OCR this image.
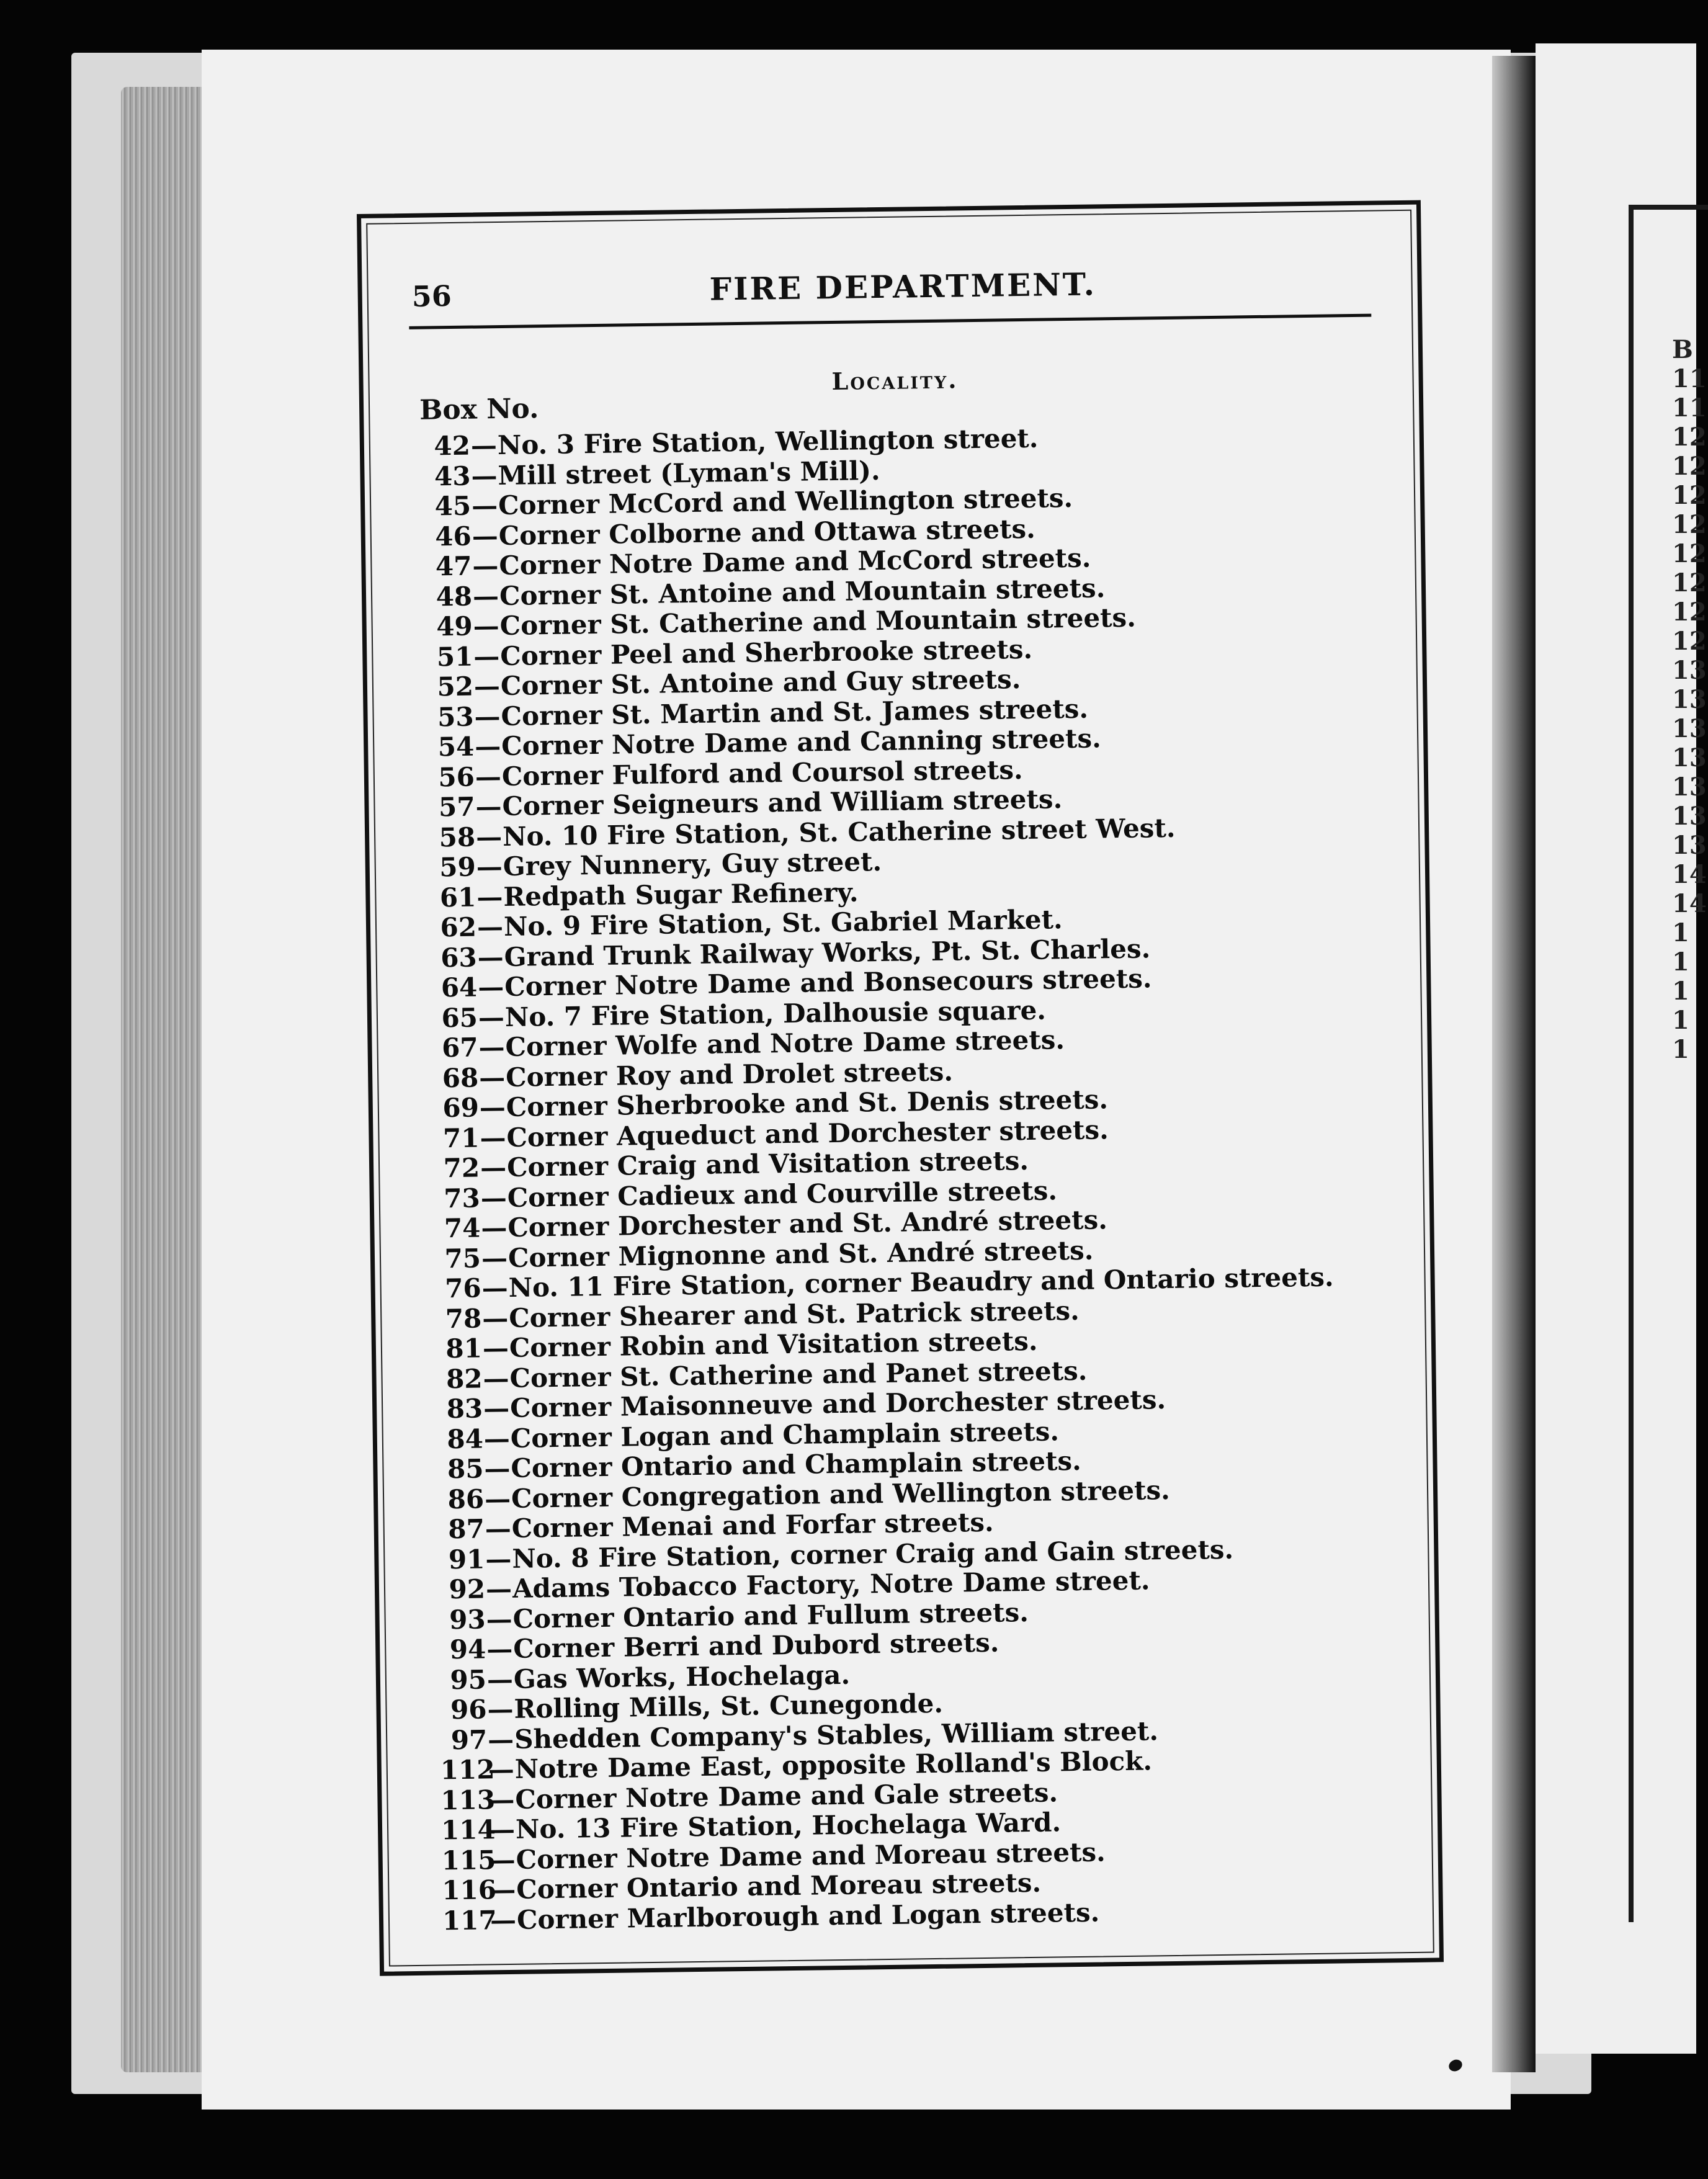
B
11
11
12
12
12
12
12
12
12
12
13
13
13
13
13
13
13
14
14
1
1
1
1
1
56	FIRE DEPARTMENT.
Locality.
Box No.
42—No. 3 Fire Station, Wellington street.
43—Mill street (Lyman's Mill).
45—Corner McCord and Wellington streets.
46—Corner Colborne and Ottawa streets.
47—Corner Notre Dame and McCord streets.
48—Corner St. Antoine and Mountain streets.
49—Corner St. Catherine and Mountain streets.
51—Corner Peel and Sherbrooke streets.
52—Corner St. Antoine and Guy streets.
53—Corner St. Martin and St. James streets.
54—Corner Notre Dame and Canning streets.
56—Corner Fulford and Coursol streets.
57—Corner Seigneurs and William streets.
58—No. 10 Fire Station, St. Catherine street West.
59—Grey Nunnery, Guy street.
61—Redpath Sugar Refinery.
62—No. 9 Fire Station, St. Gabriel Market.
63—Grand Trunk Railway Works, Pt. St. Charles.
64—Corner Notre Dame and Bonsecours streets.
65—No. 7 Fire Station, Dalhousie square.
67—Corner Wolfe and Notre Dame streets.
68—Corner Roy and Drolet streets.
69—Corner Sherbrooke and St. Denis streets.
71—Corner Aqueduct and Dorchester streets.
72—Corner Craig and Visitation streets.
73—Corner Cadieux and Courville streets.
74—Corner Dorchester and St. André streets.
75—Corner Mignonne and St. André streets.
76—No. 11 Fire Station, corner Beaudry and Ontario streets.
78—Corner Shearer and St. Patrick streets.
81—Corner Robin and Visitation streets.
82—Corner St. Catherine and Panet streets.
83—Corner Maisonneuve and Dorchester streets.
84—Corner Logan and Champlain streets.
85—Corner Ontario and Champlain streets.
86—Corner Congregation and Wellington streets.
87—Corner Menai and Forfar streets.
91—No. 8 Fire Station, corner Craig and Gain streets.
92—Adams Tobacco Factory, Notre Dame street.
93—Corner Ontario and Fullum streets.
94—Corner Berri and Dubord streets.
95—Gas Works, Hochelaga.
96—Rolling Mills, St. Cunegonde.
97—Shedden Company's Stables, William street.
112—Notre Dame East, opposite Rolland's Block.
113—Corner Notre Dame and Gale streets.
114—No. 13 Fire Station, Hochelaga Ward.
115—Corner Notre Dame and Moreau streets.
116—Corner Ontario and Moreau streets.
117—Corner Marlborough and Logan streets.
